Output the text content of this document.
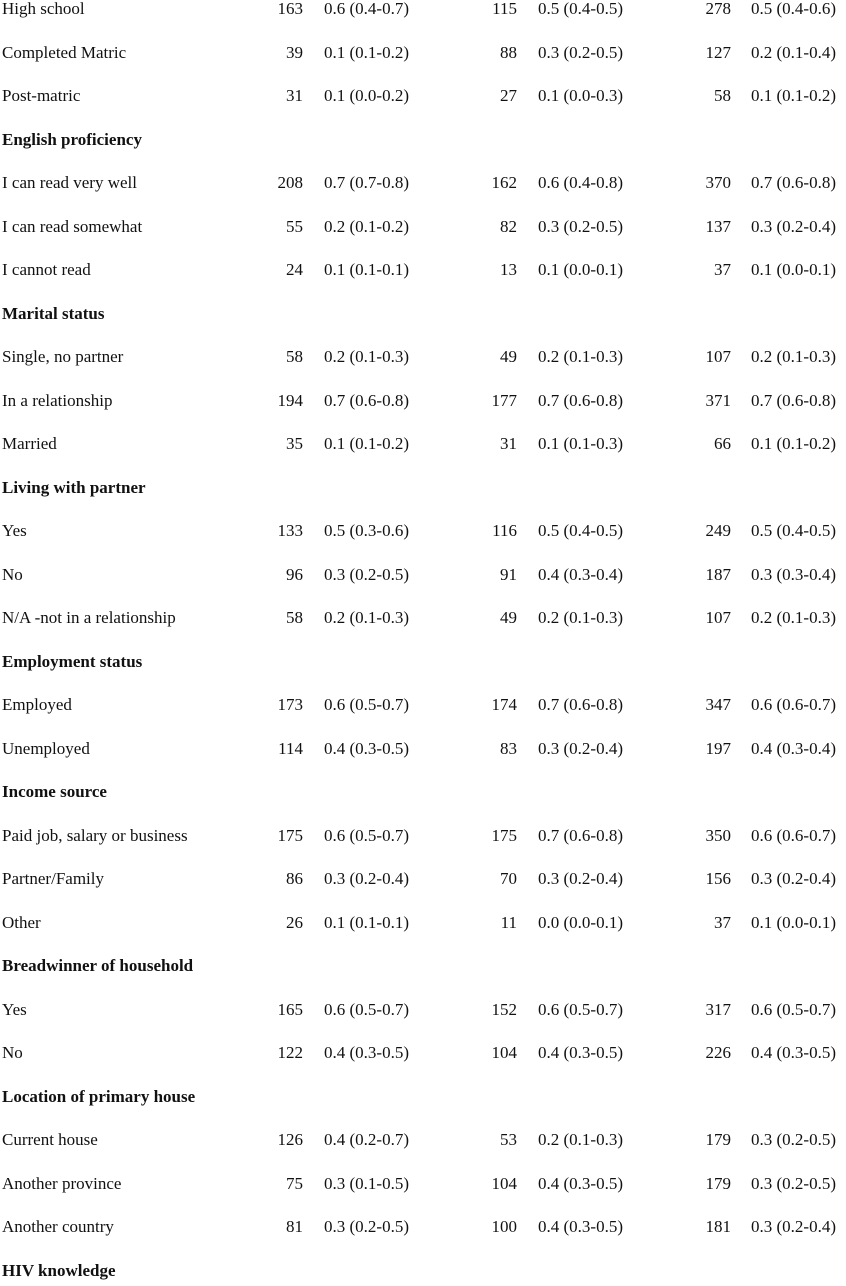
High school	163 0.6 (0.4-0.7)	115 0.5 (0.4-0.5)	278 0.5 (0.4-0.6)
Completed Matric	39 0.1 (0.1-0.2)	88 0.3 (0.2-0.5)	127 0.2 (0.1-0.4)
Post-matric	31 0.1 (0.0-0.2)	27 0.1 (0.0-0.3)	58 0.1 (0.1-0.2)
English proficiency
I can read very well	208 0.7 (0.7-0.8)	162 0.6 (0.4-0.8)	370 0.7 (0.6-0.8)
I can read somewhat	55 0.2 (0.1-0.2)	82 0.3 (0.2-0.5)	137 0.3 (0.2-0.4)
I cannot read	24 0.1 (0.1-0.1)	13 0.1 (0.0-0.1)	37 0.1 (0.0-0.1)
Marital status
Single, no partner	58 0.2 (0.1-0.3)	49 0.2 (0.1-0.3)	107 0.2 (0.1-0.3)
In a relationship	194 0.7 (0.6-0.8)	177 0.7 (0.6-0.8)	371 0.7 (0.6-0.8)
Married	35 0.1 (0.1-0.2)	31 0.1 (0.1-0.3)	66 0.1 (0.1-0.2)
Living with partner
Yes	133 0.5 (0.3-0.6)	116 0.5 (0.4-0.5)	249 0.5 (0.4-0.5)
No	96 0.3 (0.2-0.5)	91 0.4 (0.3-0.4)	187 0.3 (0.3-0.4)
N/A -not in a relationship	58 0.2 (0.1-0.3)	49 0.2 (0.1-0.3)	107 0.2 (0.1-0.3)
Employment status
Employed	173 0.6 (0.5-0.7)	174 0.7 (0.6-0.8)	347 0.6 (0.6-0.7)
Unemployed	114 0.4 (0.3-0.5)	83 0.3 (0.2-0.4)	197 0.4 (0.3-0.4)
Income source
Paid job, salary or business	175 0.6 (0.5-0.7)	175 0.7 (0.6-0.8)	350 0.6 (0.6-0.7)
Partner/Family	86 0.3 (0.2-0.4)	70 0.3 (0.2-0.4)	156 0.3 (0.2-0.4)
Other	26 0.1 (0.1-0.1)	11 0.0 (0.0-0.1)	37 0.1 (0.0-0.1)
Breadwinner of household
Yes	165 0.6 (0.5-0.7)	152 0.6 (0.5-0.7)	317 0.6 (0.5-0.7)
No	122 0.4 (0.3-0.5)	104 0.4 (0.3-0.5)	226 0.4 (0.3-0.5)
Location of primary house
Current house	126 0.4 (0.2-0.7)	53 0.2 (0.1-0.3)	179 0.3 (0.2-0.5)
Another province	75 0.3 (0.1-0.5)	104 0.4 (0.3-0.5)	179 0.3 (0.2-0.5)
Another country	81 0.3 (0.2-0.5)	100 0.4 (0.3-0.5)	181 0.3 (0.2-0.4)
HIV knowledge
